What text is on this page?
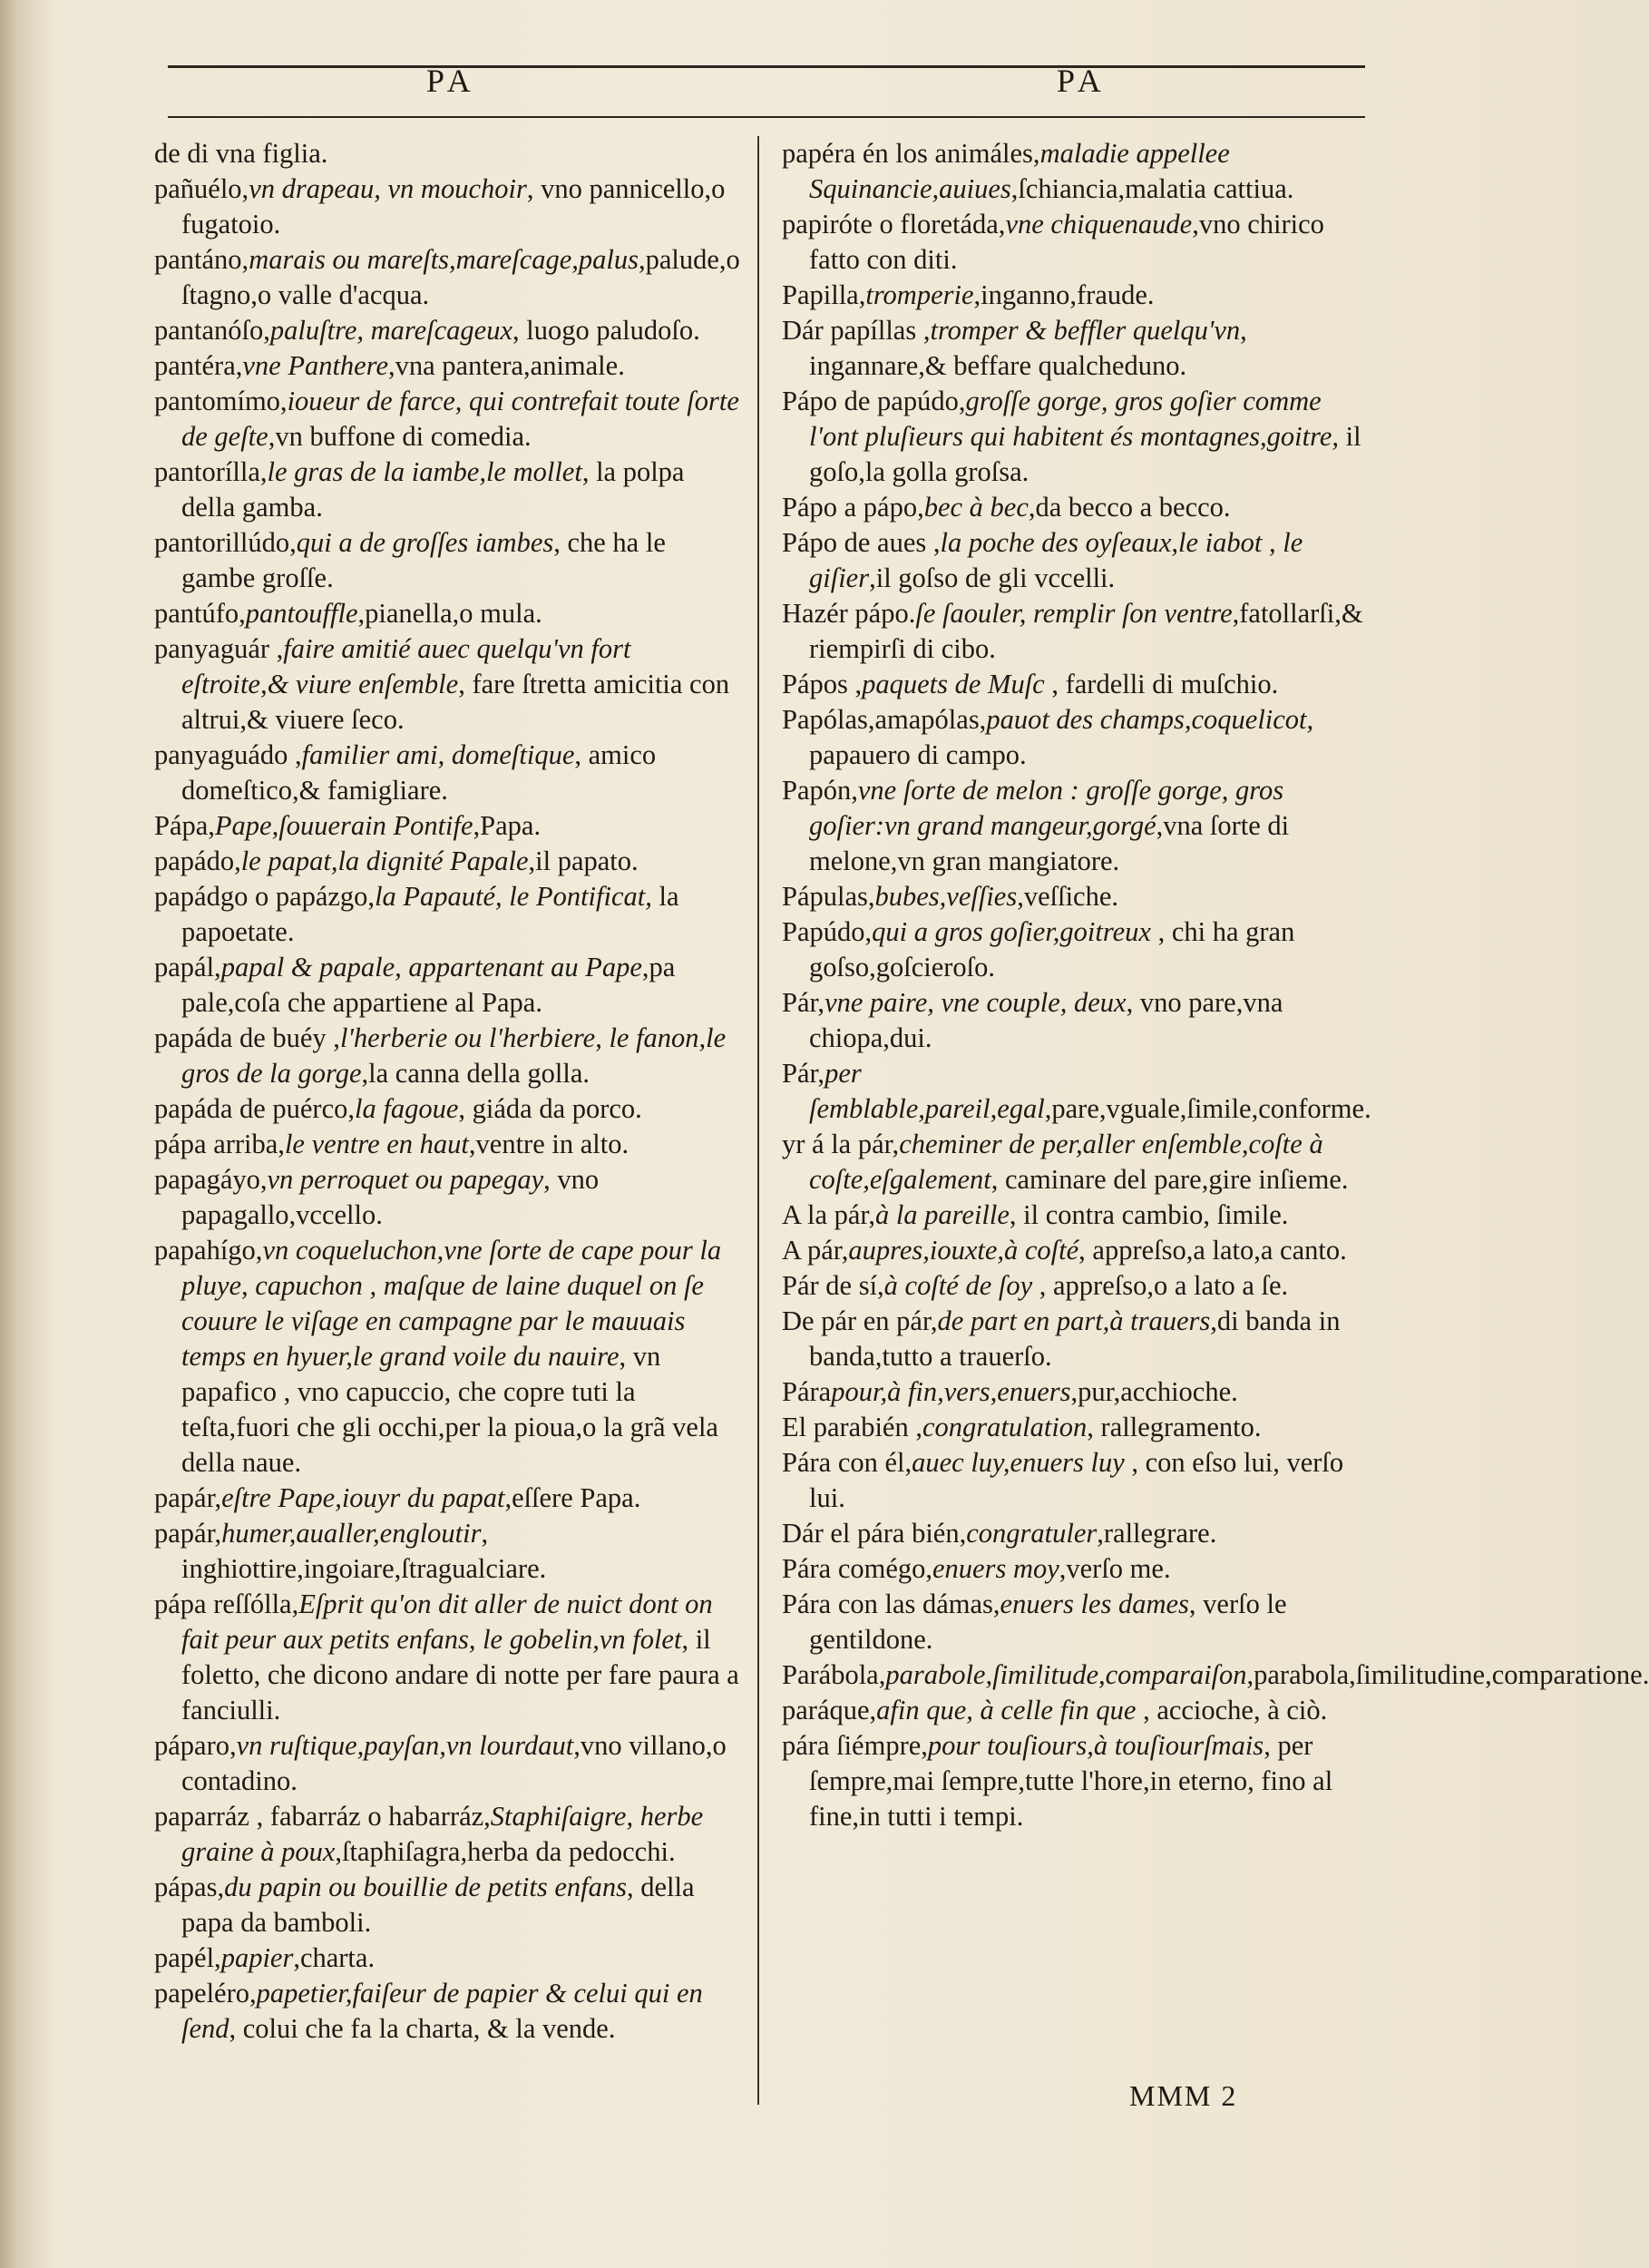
PA	PA

de di vna figlia.

pañuélo,vn drapeau, vn mouchoir, vno pannicello,o fugatoio.

pantáno,marais ou mareſts,mareſcage,palus,palude,o ſtagno,o valle d'acqua.

pantanóſo,paluſtre, mareſcageux, luogo paludoſo.

pantéra,vne Panthere,vna pantera,animale.

pantomímo,ioueur de farce, qui contrefait toute ſorte de geſte,vn buffone di comedia.

pantorílla,le gras de la iambe,le mollet, la polpa della gamba.

pantorillúdo,qui a de groſſes iambes, che ha le gambe groſſe.

pantúfo,pantouffle,pianella,o mula.

panyaguár ,faire amitié auec quelqu'vn fort eſtroite,& viure enſemble, fare ſtretta amicitia con altrui,& viuere ſeco.

panyaguádo ,familier ami, domeſtique, amico domeſtico,& famigliare.

Pápa,Pape,ſouuerain Pontife,Papa.

papádo,le papat,la dignité Papale,il papato.

papádgo o papázgo,la Papauté, le Pontificat, la papoetate.

papál,papal & papale, appartenant au Pape,pa pale,coſa che appartiene al Papa.

papáda de buéy ,l'herberie ou l'herbiere, le fanon,le gros de la gorge,la canna della golla.

papáda de puérco,la fagoue, giáda da porco.

pápa arriba,le ventre en haut,ventre in alto.

papagáyo,vn perroquet ou papegay, vno papagallo,vccello.

papahígo,vn coqueluchon,vne ſorte de cape pour la pluye, capuchon , maſque de laine duquel on ſe couure le viſage en campagne par le mauuais temps en hyuer,le grand voile du nauire, vn papafico , vno capuccio, che copre tuti la teſta,fuori che gli occhi,per la pioua,o la grã vela della naue.

papár,eſtre Pape,iouyr du papat,eſſere Papa.

papár,humer,aualler,engloutir, inghiottire,ingoiare,ſtragualciare.

pápa reſſólla,Eſprit qu'on dit aller de nuict dont on fait peur aux petits enfans, le gobelin,vn folet, il foletto, che dicono andare di notte per fare paura a fanciulli.

páparo,vn ruſtique,payſan,vn lourdaut,vno villano,o contadino.

paparráz , fabarráz o habarráz,Staphiſaigre, herbe graine à poux,ſtaphiſagra,herba da pedocchi.

pápas,du papin ou bouillie de petits enfans, della papa da bamboli.

papél,papier,charta.

papeléro,papetier,faiſeur de papier & celui qui en ſend, colui che fa la charta, & la vende.

papéra én los animáles,maladie appellee Squinancie,auiues,ſchiancia,malatia cattiua.

papiróte o floretáda,vne chiquenaude,vno chirico fatto con diti.

Papilla,tromperie,inganno,fraude.

Dár papíllas ,tromper & beffler quelqu'vn, ingannare,& beffare qualcheduno.

Pápo de papúdo,groſſe gorge, gros goſier comme l'ont pluſieurs qui habitent és montagnes,goitre, il goſo,la golla groſsa.

Pápo a pápo,bec à bec,da becco a becco.

Pápo de aues ,la poche des oyſeaux,le iabot , le giſier,il goſso de gli vccelli.

Hazér pápo.ſe ſaouler, remplir ſon ventre,fatollarſi,& riempirſi di cibo.

Pápos ,paquets de Muſc , fardelli di muſchio.

Papólas,amapólas,pauot des champs,coquelicot, papauero di campo.

Papón,vne ſorte de melon : groſſe gorge, gros goſier:vn grand mangeur,gorgé,vna ſorte di melone,vn gran mangiatore.

Pápulas,bubes,veſſies,veſſiche.

Papúdo,qui a gros goſier,goitreux , chi ha gran goſso,goſcieroſo.

Pár,vne paire, vne couple, deux, vno pare,vna chiopa,dui.

Pár,per ſemblable,pareil,egal,pare,vguale,ſimile,conforme.

yr á la pár,cheminer de per,aller enſemble,coſte à coſte,eſgalement, caminare del pare,gire inſieme.

A la pár,à la pareille, il contra cambio, ſimile.

A pár,aupres,iouxte,à coſté, appreſso,a lato,a canto.

Pár de sí,à coſté de ſoy , appreſso,o a lato a ſe.

De pár en pár,de part en part,à trauers,di banda in banda,tutto a trauerſo.

Párapour,à fin,vers,enuers,pur,acchioche.

El parabién ,congratulation, rallegramento.

Pára con él,auec luy,enuers luy , con eſso lui, verſo lui.

Dár el pára bién,congratuler,rallegrare.

Pára comégo,enuers moy,verſo me.

Pára con las dámas,enuers les dames, verſo le gentildone.

Parábola,parabole,ſimilitude,comparaiſon,parabola,ſimilitudine,comparatione.

paráque,afin que, à celle fin que , accioche, à ciò.

pára ſiémpre,pour touſiours,à touſiourſmais, per ſempre,mai ſempre,tutte l'hore,in eterno, fino al fine,in tutti i tempi.

MMM 2
